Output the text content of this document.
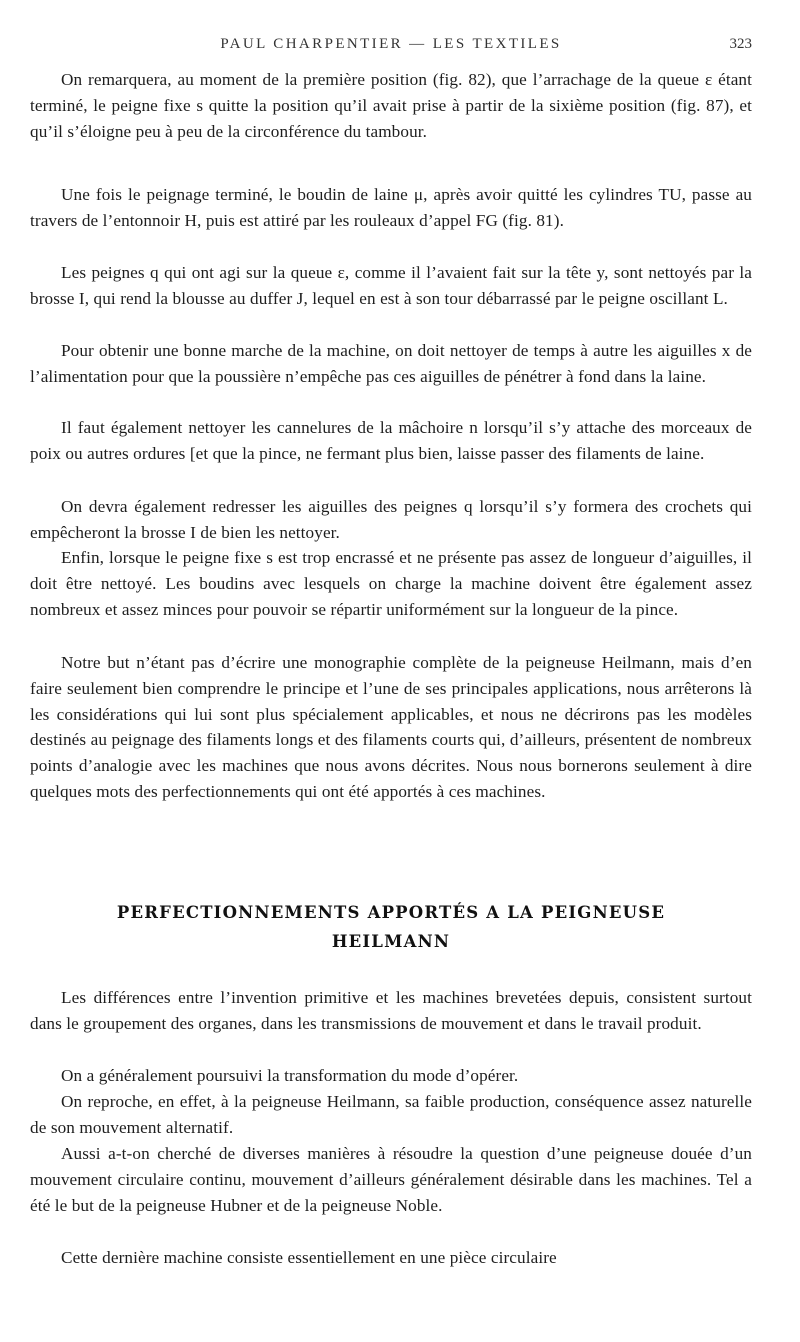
PAUL CHARPENTIER — LES TEXTILES	323

On remarquera, au moment de la première position (fig. 82), que l’arrachage de la queue ε étant terminé, le peigne fixe s quitte la position qu’il avait prise à partir de la sixième position (fig. 87), et qu’il s’éloigne peu à peu de la circonférence du tambour.

Une fois le peignage terminé, le boudin de laine μ, après avoir quitté les cylindres TU, passe au travers de l’entonnoir H, puis est attiré par les rouleaux d’appel FG (fig. 81).

Les peignes q qui ont agi sur la queue ε, comme il l’avaient fait sur la tête y, sont nettoyés par la brosse I, qui rend la blousse au duffer J, lequel en est à son tour débarrassé par le peigne oscillant L.

Pour obtenir une bonne marche de la machine, on doit nettoyer de temps à autre les aiguilles x de l’alimentation pour que la poussière n’empêche pas ces aiguilles de pénétrer à fond dans la laine.

Il faut également nettoyer les cannelures de la mâchoire n lorsqu’il s’y attache des morceaux de poix ou autres ordures [et que la pince, ne fermant plus bien, laisse passer des filaments de laine.

On devra également redresser les aiguilles des peignes q lorsqu’il s’y formera des crochets qui empêcheront la brosse I de bien les nettoyer.

Enfin, lorsque le peigne fixe s est trop encrassé et ne présente pas assez de longueur d’aiguilles, il doit être nettoyé. Les boudins avec lesquels on charge la machine doivent être également assez nombreux et assez minces pour pouvoir se répartir uniformément sur la longueur de la pince.

Notre but n’étant pas d’écrire une monographie complète de la peigneuse Heilmann, mais d’en faire seulement bien comprendre le principe et l’une de ses principales applications, nous arrêterons là les considérations qui lui sont plus spécialement applicables, et nous ne décrirons pas les modèles destinés au peignage des filaments longs et des filaments courts qui, d’ailleurs, présentent de nombreux points d’analogie avec les machines que nous avons décrites. Nous nous bornerons seulement à dire quelques mots des perfectionnements qui ont été apportés à ces machines.

PERFECTIONNEMENTS APPORTÉS A LA PEIGNEUSE
HEILMANN

Les différences entre l’invention primitive et les machines brevetées depuis, consistent surtout dans le groupement des organes, dans les transmissions de mouvement et dans le travail produit.

On a généralement poursuivi la transformation du mode d’opérer.

On reproche, en effet, à la peigneuse Heilmann, sa faible production, conséquence assez naturelle de son mouvement alternatif.

Aussi a-t-on cherché de diverses manières à résoudre la question d’une peigneuse douée d’un mouvement circulaire continu, mouvement d’ailleurs généralement désirable dans les machines. Tel a été le but de la peigneuse Hubner et de la peigneuse Noble.

Cette dernière machine consiste essentiellement en une pièce circulaire
